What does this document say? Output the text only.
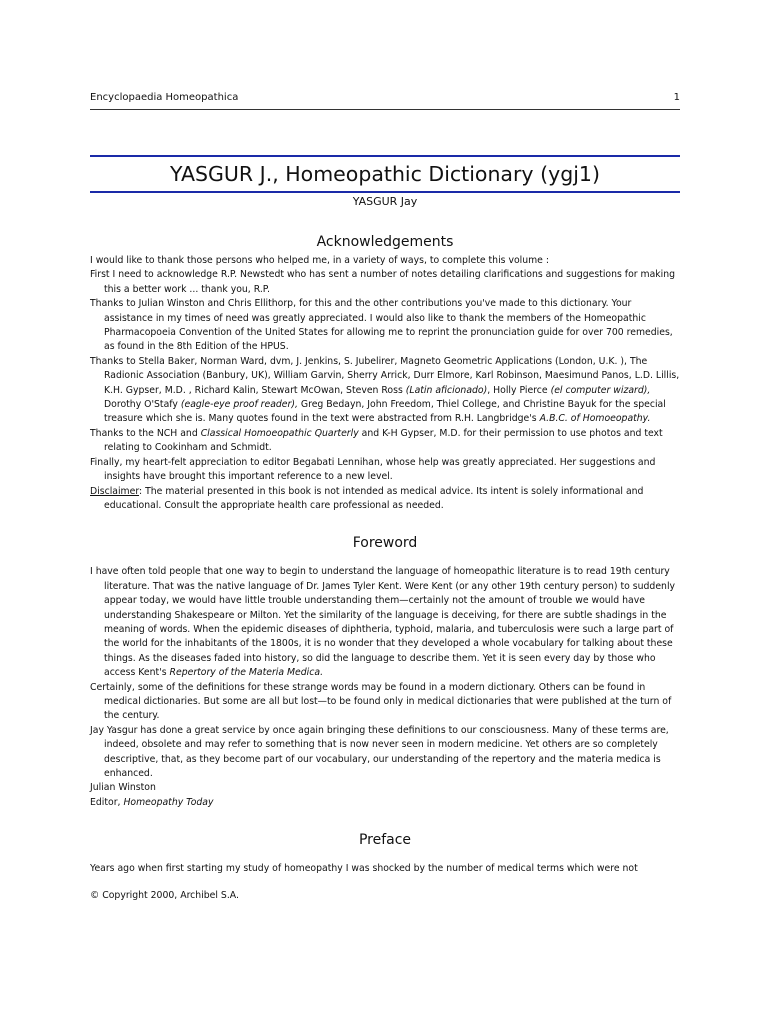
Encyclopaedia Homeopathica	1
YASGUR J., Homeopathic Dictionary (ygj1)
YASGUR Jay
Acknowledgements

I would like to thank those persons who helped me, in a variety of ways, to complete this volume :

First I need to acknowledge R.P. Newstedt who has sent a number of notes detailing clarifications and suggestions for making this a better work ... thank you, R.P.

Thanks to Julian Winston and Chris Ellithorp, for this and the other contributions you've made to this dictionary. Your assistance in my times of need was greatly appreciated. I would also like to thank the members of the Homeopathic Pharmacopoeia Convention of the United States for allowing me to reprint the pronunciation guide for over 700 remedies, as found in the 8th Edition of the HPUS.

Thanks to Stella Baker, Norman Ward, dvm, J. Jenkins, S. Jubelirer, Magneto Geometric Applications (London, U.K. ), The Radionic Association (Banbury, UK), William Garvin, Sherry Arrick, Durr Elmore, Karl Robinson, Maesimund Panos, L.D. Lillis, K.H. Gypser, M.D. , Richard Kalin, Stewart McOwan, Steven Ross (Latin aficionado), Holly Pierce (el computer wizard), Dorothy O'Stafy (eagle-eye proof reader), Greg Bedayn, John Freedom, Thiel College, and Christine Bayuk for the special treasure which she is. Many quotes found in the text were abstracted from R.H. Langbridge's A.B.C. of Homoeopathy.

Thanks to the NCH and Classical Homoeopathic Quarterly and K-H Gypser, M.D. for their permission to use photos and text relating to Cookinham and Schmidt.

Finally, my heart-felt appreciation to editor Begabati Lennihan, whose help was greatly appreciated. Her suggestions and insights have brought this important reference to a new level.

Disclaimer: The material presented in this book is not intended as medical advice. Its intent is solely informational and educational. Consult the appropriate health care professional as needed.

Foreword

I have often told people that one way to begin to understand the language of homeopathic literature is to read 19th century literature. That was the native language of Dr. James Tyler Kent. Were Kent (or any other 19th century person) to suddenly appear today, we would have little trouble understanding them—certainly not the amount of trouble we would have understanding Shakespeare or Milton. Yet the similarity of the language is deceiving, for there are subtle shadings in the meaning of words. When the epidemic diseases of diphtheria, typhoid, malaria, and tuberculosis were such a large part of the world for the inhabitants of the 1800s, it is no wonder that they developed a whole vocabulary for talking about these things. As the diseases faded into history, so did the language to describe them. Yet it is seen every day by those who access Kent's Repertory of the Materia Medica.

Certainly, some of the definitions for these strange words may be found in a modern dictionary. Others can be found in medical dictionaries. But some are all but lost—to be found only in medical dictionaries that were published at the turn of the century.

Jay Yasgur has done a great service by once again bringing these definitions to our consciousness. Many of these terms are, indeed, obsolete and may refer to something that is now never seen in modern medicine. Yet others are so completely descriptive, that, as they become part of our vocabulary, our understanding of the repertory and the materia medica is enhanced.

Julian Winston

Editor, Homeopathy Today

Preface

Years ago when first starting my study of homeopathy I was shocked by the number of medical terms which were not

© Copyright 2000, Archibel S.A.
